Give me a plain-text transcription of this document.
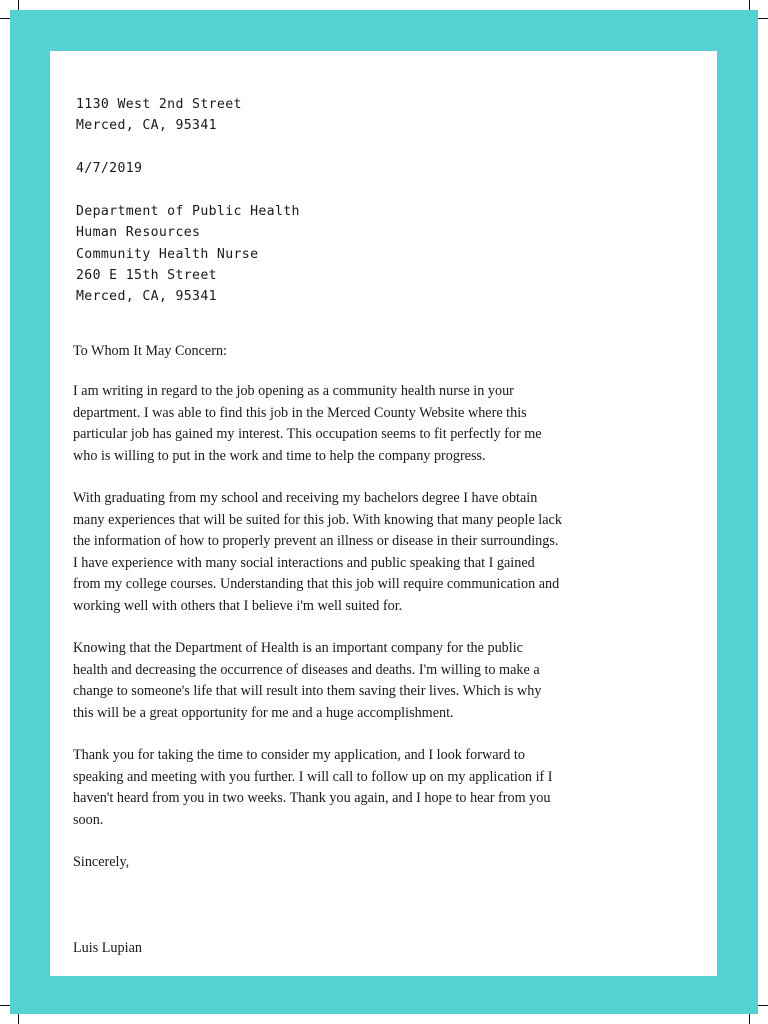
1130 West 2nd Street
Merced, CA, 95341

4/7/2019

Department of Public Health
Human Resources
Community Health Nurse
260 E 15th Street
Merced, CA, 95341

To Whom It May Concern:

I am writing in regard to the job opening as a community health nurse in your
department. I was able to find this job in the Merced County Website where this
particular job has gained my interest. This occupation seems to fit perfectly for me
who is willing to put in the work and time to help the company progress.

With graduating from my school and receiving my bachelors degree I have obtain
many experiences that will be suited for this job. With knowing that many people lack
the information of how to properly prevent an illness or disease in their surroundings.
I have experience with many social interactions and public speaking that I gained
from my college courses. Understanding that this job will require communication and
working well with others that I believe i'm well suited for.

Knowing that the Department of Health is an important company for the public
health and decreasing the occurrence of diseases and deaths. I'm willing to make a
change to someone's life that will result into them saving their lives. Which is why
this will be a great opportunity for me and a huge accomplishment.

Thank you for taking the time to consider my application, and I look forward to
speaking and meeting with you further. I will call to follow up on my application if I
haven't heard from you in two weeks. Thank you again, and I hope to hear from you
soon.

Sincerely,

Luis Lupian
